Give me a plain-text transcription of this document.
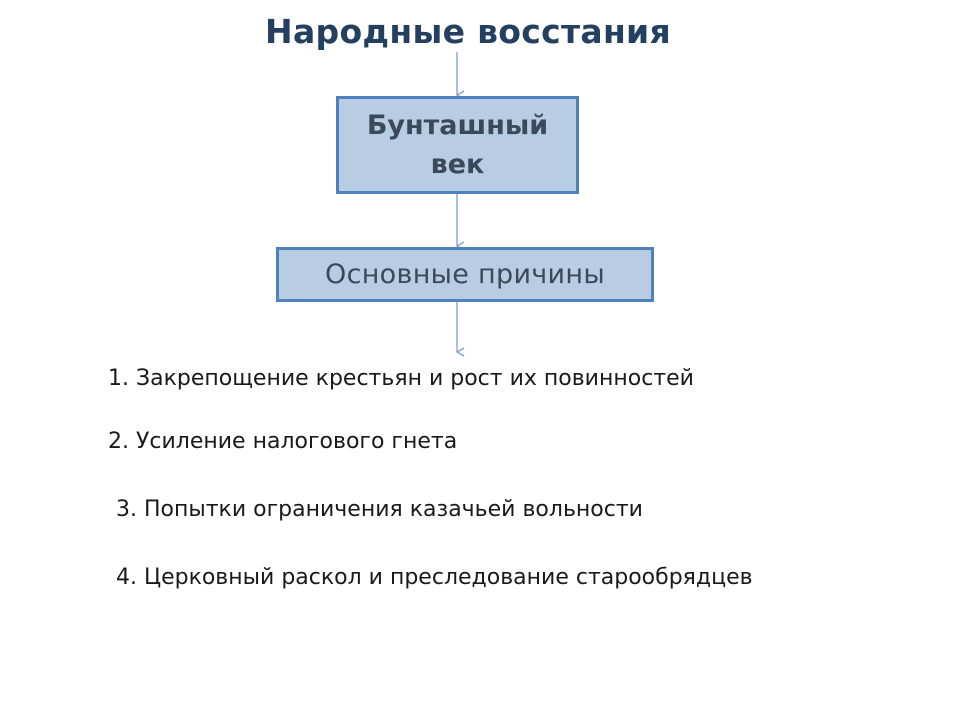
Народные восстания
Бунташный век
Основные причины
1. Закрепощение крестьян и рост их повинностей
2. Усиление налогового гнета
3. Попытки ограничения казачьей вольности
4. Церковный раскол и преследование старообрядцев
